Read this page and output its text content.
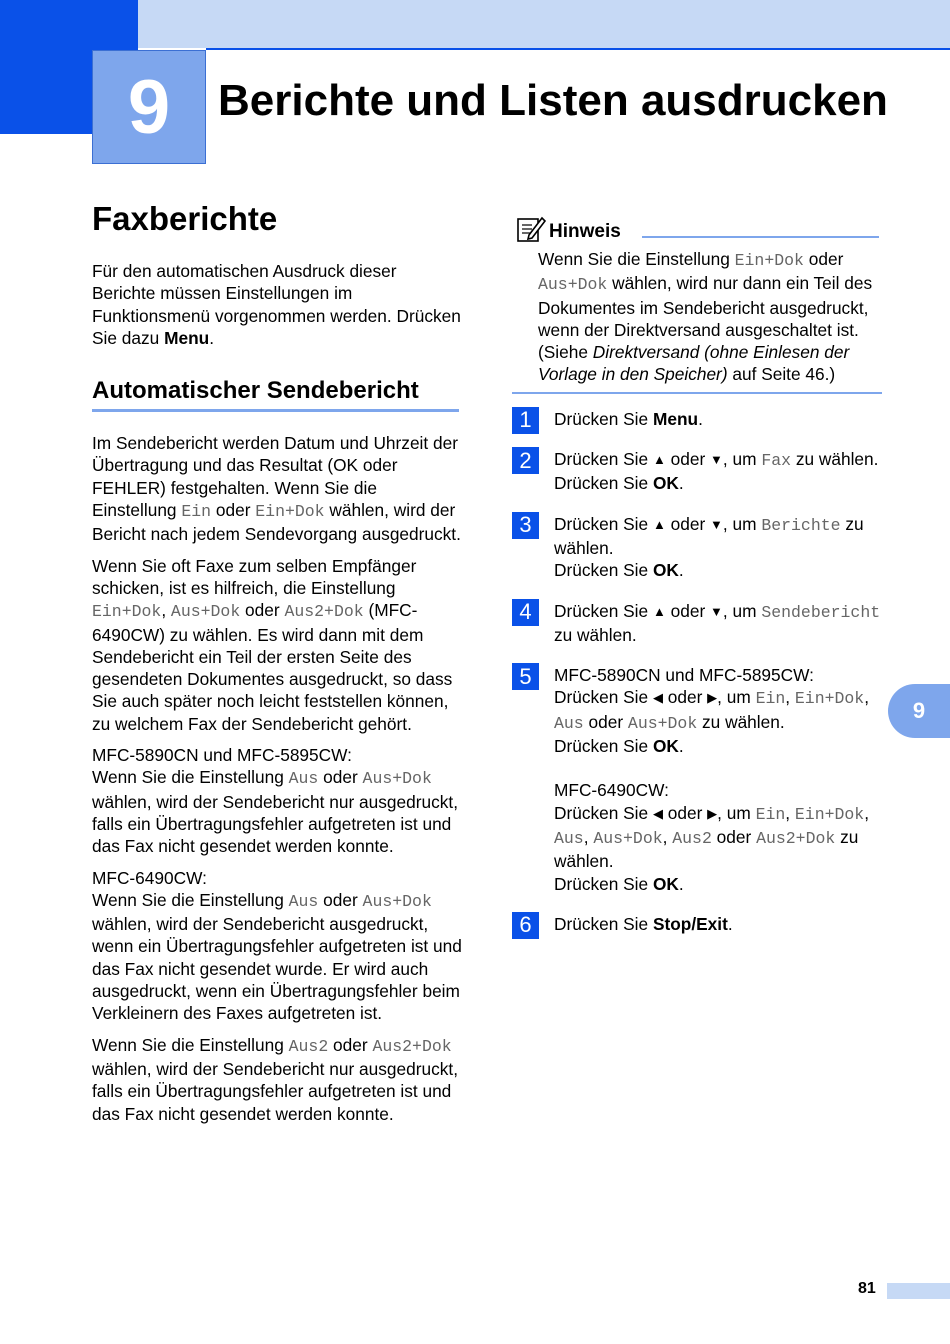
9	Berichte und Listen ausdrucken
Faxberichte

Für den automatischen Ausdruck dieser Berichte müssen Einstellungen im Funktionsmenü vorgenommen werden. Drücken Sie dazu Menu.

Automatischer Sendebericht

Im Sendebericht werden Datum und Uhrzeit der Übertragung und das Resultat (OK oder FEHLER) festgehalten. Wenn Sie die Einstellung Ein oder Ein+Dok wählen, wird der Bericht nach jedem Sendevorgang ausgedruckt.

Wenn Sie oft Faxe zum selben Empfänger schicken, ist es hilfreich, die Einstellung Ein+Dok, Aus+Dok oder Aus2+Dok (MFC-6490CW) zu wählen. Es wird dann mit dem Sendebericht ein Teil der ersten Seite des gesendeten Dokumentes ausgedruckt, so dass Sie auch später noch leicht feststellen können, zu welchem Fax der Sendebericht gehört.

MFC-5890CN und MFC-5895CW:
Wenn Sie die Einstellung Aus oder Aus+Dok wählen, wird der Sendebericht nur ausgedruckt, falls ein Übertragungsfehler aufgetreten ist und das Fax nicht gesendet werden konnte.

MFC-6490CW:
Wenn Sie die Einstellung Aus oder Aus+Dok wählen, wird der Sendebericht ausgedruckt, wenn ein Übertragungsfehler aufgetreten ist und das Fax nicht gesendet wurde. Er wird auch ausgedruckt, wenn ein Übertragungsfehler beim Verkleinern des Faxes aufgetreten ist.

Wenn Sie die Einstellung Aus2 oder Aus2+Dok wählen, wird der Sendebericht nur ausgedruckt, falls ein Übertragungsfehler aufgetreten ist und das Fax nicht gesendet werden konnte.

Hinweis

Wenn Sie die Einstellung Ein+Dok oder Aus+Dok wählen, wird nur dann ein Teil des Dokumentes im Sendebericht ausgedruckt, wenn der Direktversand ausgeschaltet ist. (Siehe Direktversand (ohne Einlesen der Vorlage in den Speicher) auf Seite 46.)

1	Drücken Sie Menu.

2	Drücken Sie ▲ oder ▼, um Fax zu wählen.
Drücken Sie OK.

3	Drücken Sie ▲ oder ▼, um Berichte zu wählen.
Drücken Sie OK.

4	Drücken Sie ▲ oder ▼, um Sendebericht zu wählen.

5	MFC-5890CN und MFC-5895CW:
Drücken Sie ◀ oder ▶, um Ein, Ein+Dok, Aus oder Aus+Dok zu wählen.
Drücken Sie OK.

MFC-6490CW:
Drücken Sie ◀ oder ▶, um Ein, Ein+Dok, Aus, Aus+Dok, Aus2 oder Aus2+Dok zu wählen.
Drücken Sie OK.

6	Drücken Sie Stop/Exit.

9
81
